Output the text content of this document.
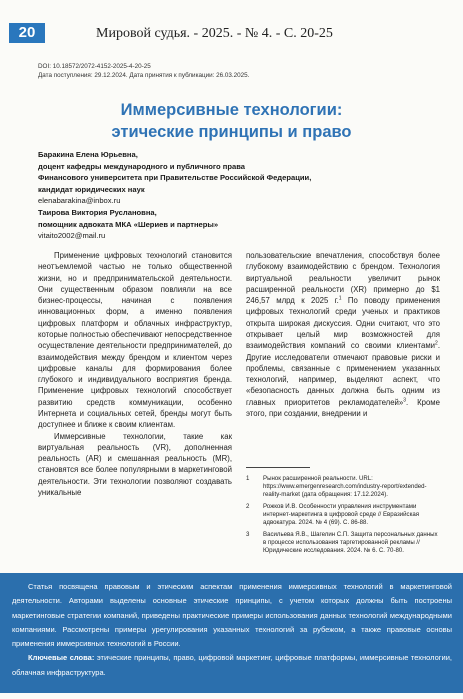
20	Мировой судья. - 2025. - № 4. - С. 20-25
DOI: 10.18572/2072-4152-2025-4-20-25
Дата поступления: 29.12.2024. Дата принятия к публикации: 26.03.2025.
Иммерсивные технологии:
этические принципы и право
Баракина Елена Юрьевна,
доцент кафедры международного и публичного права
Финансового университета при Правительстве Российской Федерации,
кандидат юридических наук
elenabarakina@inbox.ru
Таирова Виктория Руслановна,
помощник адвоката МКА «Шериев и партнеры»
vitaito2002@mail.ru

Применение цифровых технологий становится неотъемлемой частью не только общественной жизни, но и предпринимательской деятельности. Они существенным образом повлияли на все бизнес-процессы, начиная с появления инновационных форм, а именно появления цифровых платформ и облачных инфраструктур, которые полностью обеспечивают непосредственное осуществление деятельности предпринимателей, до взаимодействия между брендом и клиентом через цифровые каналы для формирования более глубокого и индивидуального восприятия бренда. Применение цифровых технологий способствует развитию средств коммуникации, особенно Интернета и социальных сетей, бренды могут быть доступнее и ближе к своим клиентам.

Иммерсивные технологии, такие как виртуальная реальность (VR), дополненная реальность (AR) и смешанная реальность (MR), становятся все более популярными в маркетинговой деятельности. Эти технологии позволяют создавать уникальные

пользовательские впечатления, способствуя более глубокому взаимодействию с брендом. Технология виртуальной реальности увеличит рынок расширенной реальности (XR) примерно до $1 246,57 млрд к 2025 г.$^1$ По поводу применения цифровых технологий среди ученых и практиков открыта широкая дискуссия. Одни считают, что это открывает целый мир возможностей для взаимодействия компаний со своими клиентами$^2$. Другие исследователи отмечают правовые риски и проблемы, связанные с применением указанных технологий, например, выделяют аспект, что «безопасность данных должна быть одним из главных приоритетов рекламодателей»$^3$. Кроме этого, при создании, внедрении и

1 Рынок расширенной реальности. URL: https://www.emergenresearch.com/industry-report/extended-reality-market (дата обращения: 17.12.2024).
2 Рожков И.В. Особенности управления инструментами интернет-маркетинга в цифровой среде // Евразийская адвокатура. 2024. № 4 (69). С. 86-88.
3 Васильева Я.В., Шагелин С.П. Защита персональных данных в процессе использования таргетированной рекламы // Юридические исследования. 2024. № 6. С. 70-80.

Статья посвящена правовым и этическим аспектам применения иммерсивных технологий в маркетинговой деятельности. Авторами выделены основные этические принципы, с учетом которых должны быть построены маркетинговые стратегии компаний, приведены практические примеры использования данных технологий международными компаниями. Рассмотрены примеры урегулирования указанных технологий за рубежом, а также правовые основы применения иммерсивных технологий в России.

Ключевые слова: этические принципы, право, цифровой маркетинг, цифровые платформы, иммерсивные технологии, облачная инфраструктура.
